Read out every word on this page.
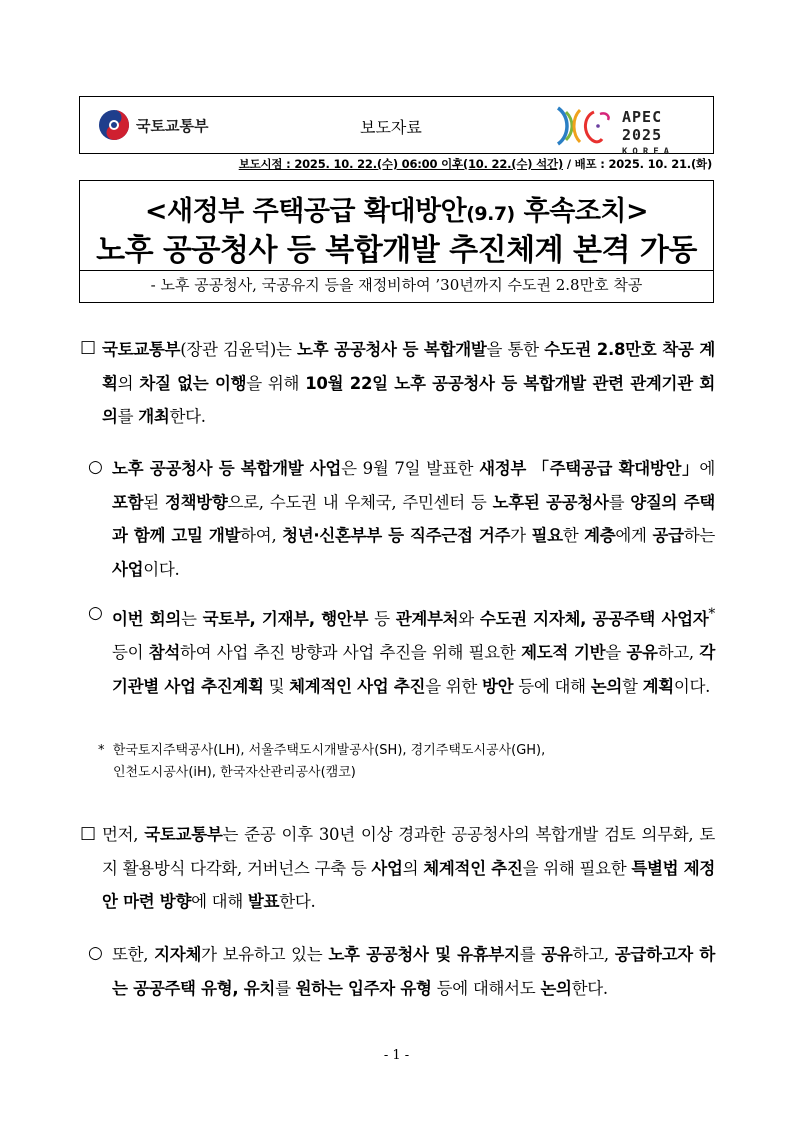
국토교통부	보도자료
APEC 2025
KOREA
보도시점 : 2025. 10. 22.(수) 06:00 이후(10. 22.(수) 석간) / 배포 : 2025. 10. 21.(화)
<새정부 주택공급 확대방안(9.7) 후속조치>
노후 공공청사 등 복합개발 추진체계 본격 가동
- 노후 공공청사, 국공유지 등을 재정비하여 ’30년까지 수도권 2.8만호 착공
□ 국토교통부(장관 김윤덕)는 노후 공공청사 등 복합개발을 통한 수도권 2.8만호 착공 계획의 차질 없는 이행을 위해 10월 22일 노후 공공청사 등 복합개발 관련 관계기관 회의를 개최한다.
○ 노후 공공청사 등 복합개발 사업은 9월 7일 발표한 새정부 「주택공급 확대방안」에 포함된 정책방향으로, 수도권 내 우체국, 주민센터 등 노후된 공공청사를 양질의 주택과 함께 고밀 개발하여, 청년·신혼부부 등 직주근접 거주가 필요한 계층에게 공급하는 사업이다.
○ 이번 회의는 국토부, 기재부, 행안부 등 관계부처와 수도권 지자체, 공공주택 사업자* 등이 참석하여 사업 추진 방향과 사업 추진을 위해 필요한 제도적 기반을 공유하고, 각 기관별 사업 추진계획 및 체계적인 사업 추진을 위한 방안 등에 대해 논의할 계획이다.
* 한국토지주택공사(LH), 서울주택도시개발공사(SH), 경기주택도시공사(GH),
인천도시공사(iH), 한국자산관리공사(캠코)
□ 먼저, 국토교통부는 준공 이후 30년 이상 경과한 공공청사의 복합개발 검토 의무화, 토지 활용방식 다각화, 거버넌스 구축 등 사업의 체계적인 추진을 위해 필요한 특별법 제정안 마련 방향에 대해 발표한다.
○ 또한, 지자체가 보유하고 있는 노후 공공청사 및 유휴부지를 공유하고, 공급하고자 하는 공공주택 유형, 유치를 원하는 입주자 유형 등에 대해서도 논의한다.
- 1 -
